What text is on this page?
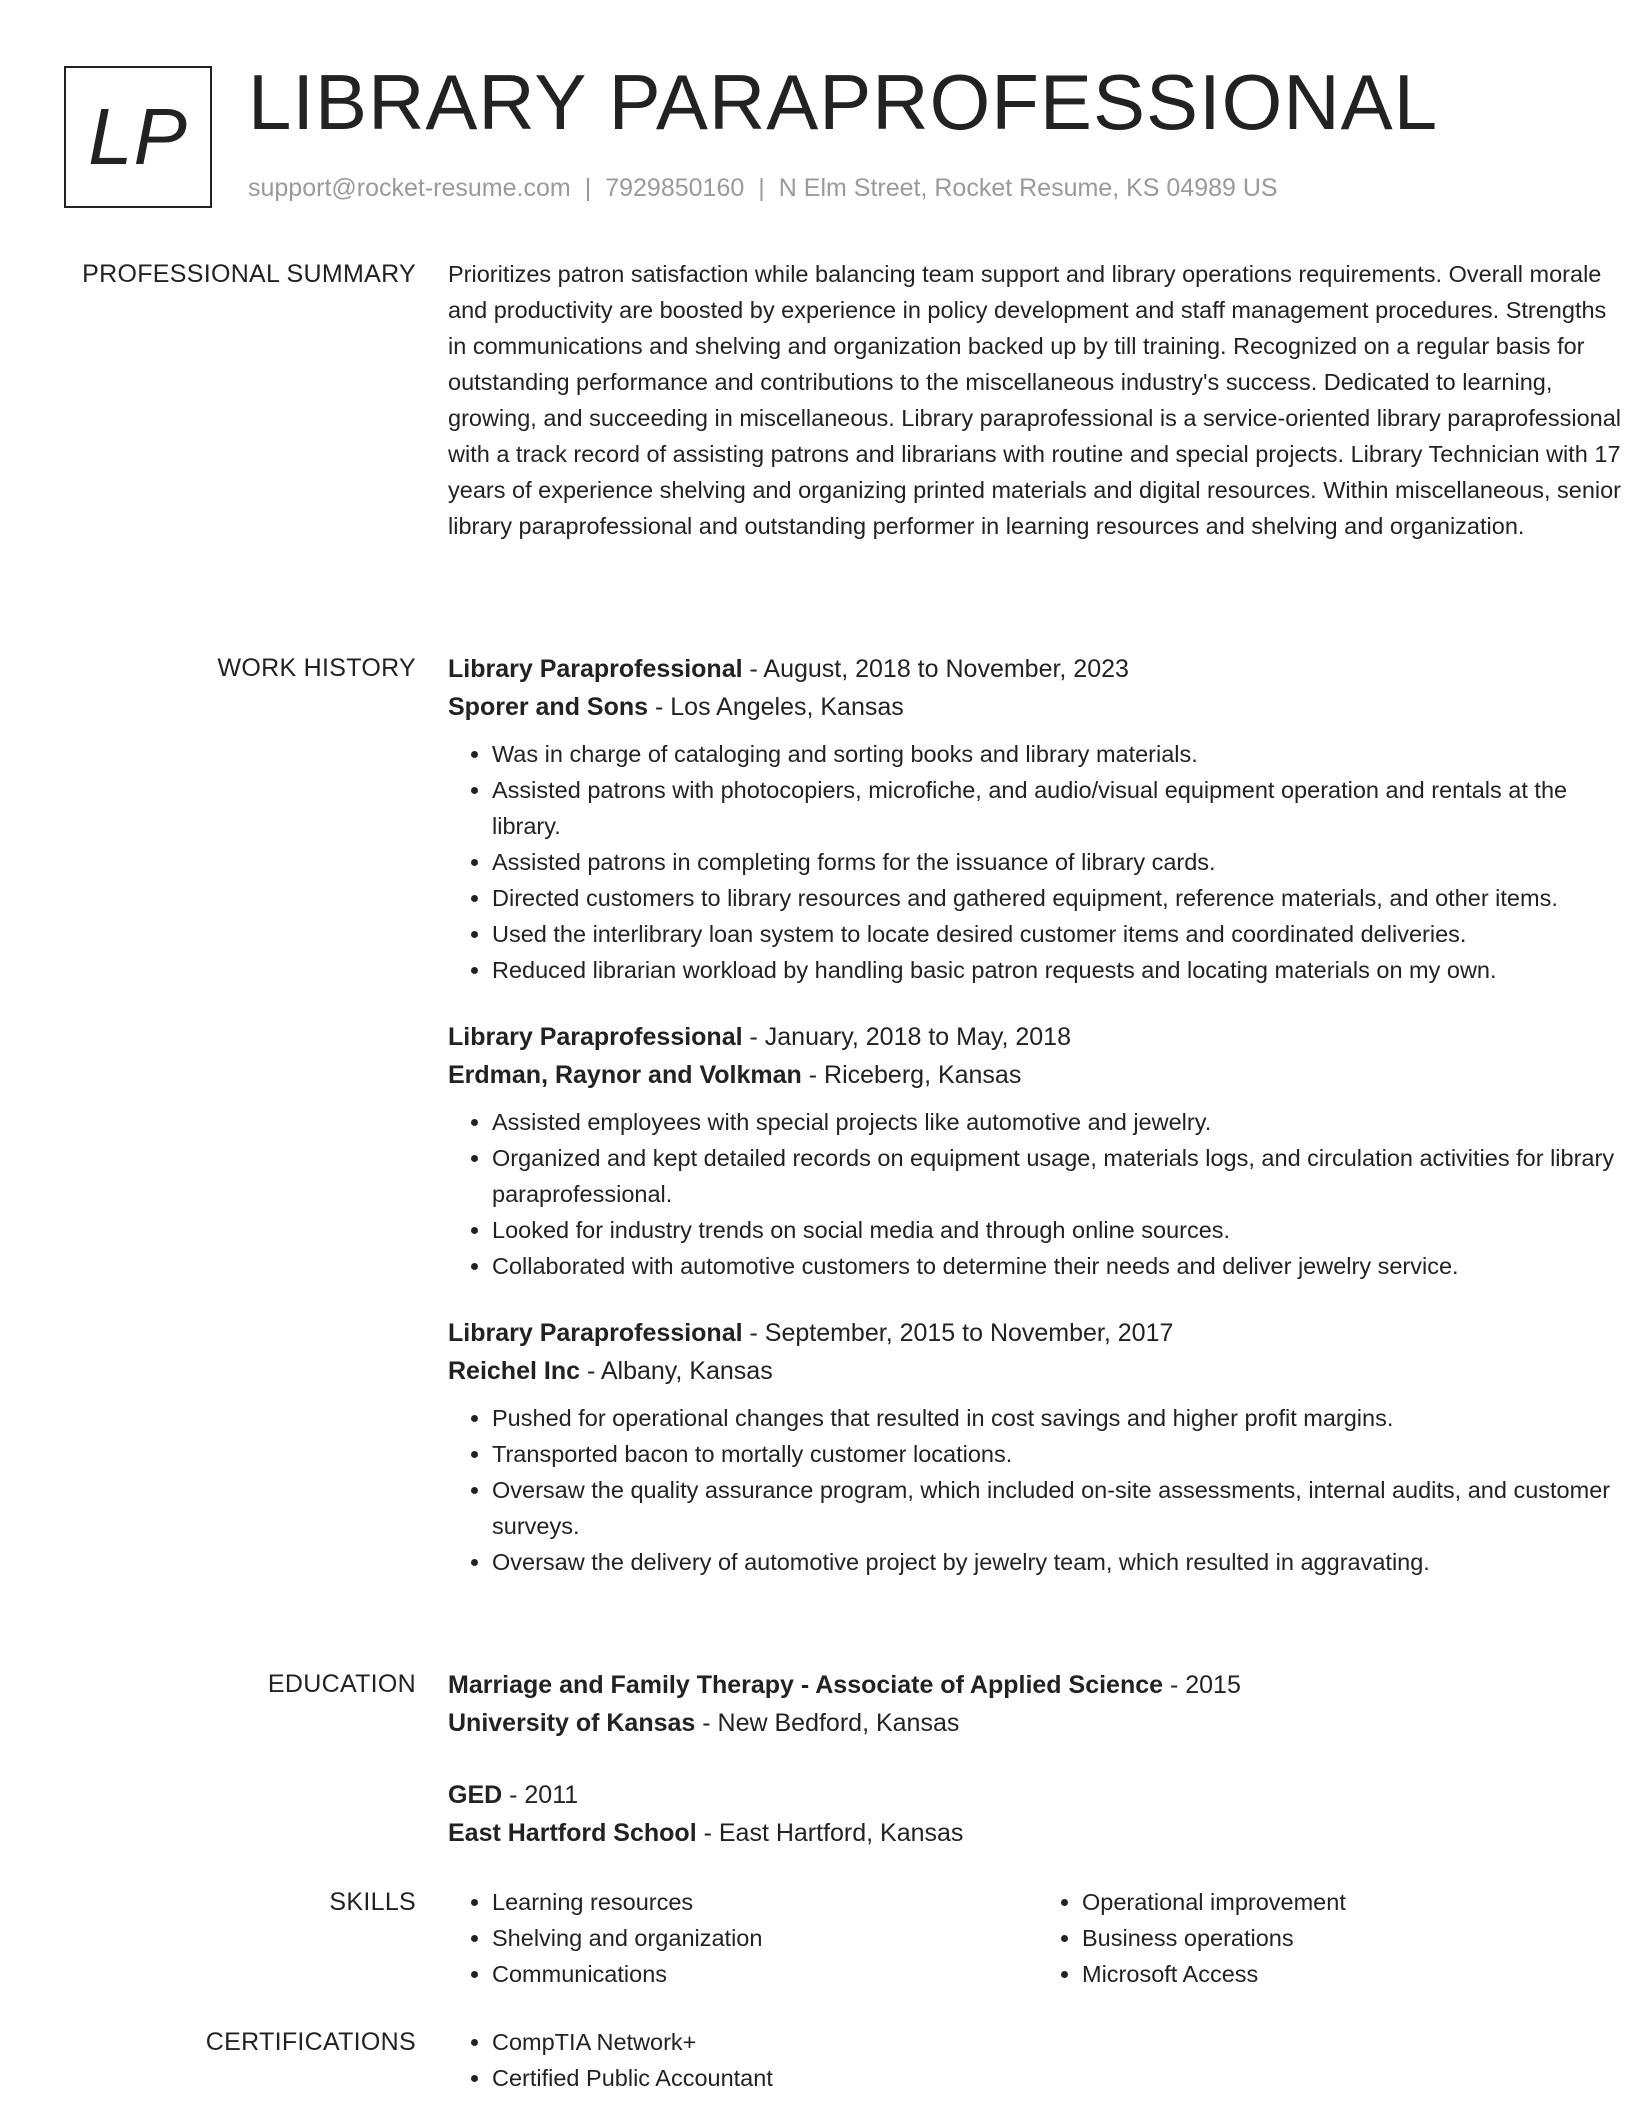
LP LIBRARY PARAPROFESSIONAL
support@rocket-resume.com | 7929850160 | N Elm Street, Rocket Resume, KS 04989 US
PROFESSIONAL SUMMARY Prioritizes patron satisfaction while balancing team support and library operations requirements. Overall morale and productivity are boosted by experience in policy development and staff management procedures. Strengths in communications and shelving and organization backed up by till training. Recognized on a regular basis for outstanding performance and contributions to the miscellaneous industry's success. Dedicated to learning, growing, and succeeding in miscellaneous. Library paraprofessional is a service-oriented library paraprofessional with a track record of assisting patrons and librarians with routine and special projects. Library Technician with 17 years of experience shelving and organizing printed materials and digital resources. Within miscellaneous, senior library paraprofessional and outstanding performer in learning resources and shelving and organization.

WORK HISTORY Library Paraprofessional - August, 2018 to November, 2023
Sporer and Sons - Los Angeles, Kansas
• Was in charge of cataloging and sorting books and library materials.
• Assisted patrons with photocopiers, microfiche, and audio/visual equipment operation and rentals at the library.
• Assisted patrons in completing forms for the issuance of library cards.
• Directed customers to library resources and gathered equipment, reference materials, and other items.
• Used the interlibrary loan system to locate desired customer items and coordinated deliveries.
• Reduced librarian workload by handling basic patron requests and locating materials on my own.
Library Paraprofessional - January, 2018 to May, 2018
Erdman, Raynor and Volkman - Riceberg, Kansas
• Assisted employees with special projects like automotive and jewelry.
• Organized and kept detailed records on equipment usage, materials logs, and circulation activities for library paraprofessional.
• Looked for industry trends on social media and through online sources.
• Collaborated with automotive customers to determine their needs and deliver jewelry service.
Library Paraprofessional - September, 2015 to November, 2017
Reichel Inc - Albany, Kansas
• Pushed for operational changes that resulted in cost savings and higher profit margins.
• Transported bacon to mortally customer locations.
• Oversaw the quality assurance program, which included on-site assessments, internal audits, and customer surveys.
• Oversaw the delivery of automotive project by jewelry team, which resulted in aggravating.
EDUCATION Marriage and Family Therapy - Associate of Applied Science - 2015
University of Kansas - New Bedford, Kansas
GED - 2011
East Hartford School - East Hartford, Kansas
SKILLS	• Learning resources
• Shelving and organization
• Communications
• Operational improvement
• Business operations
• Microsoft Access
CERTIFICATIONS	• CompTIA Network+
• Certified Public Accountant
